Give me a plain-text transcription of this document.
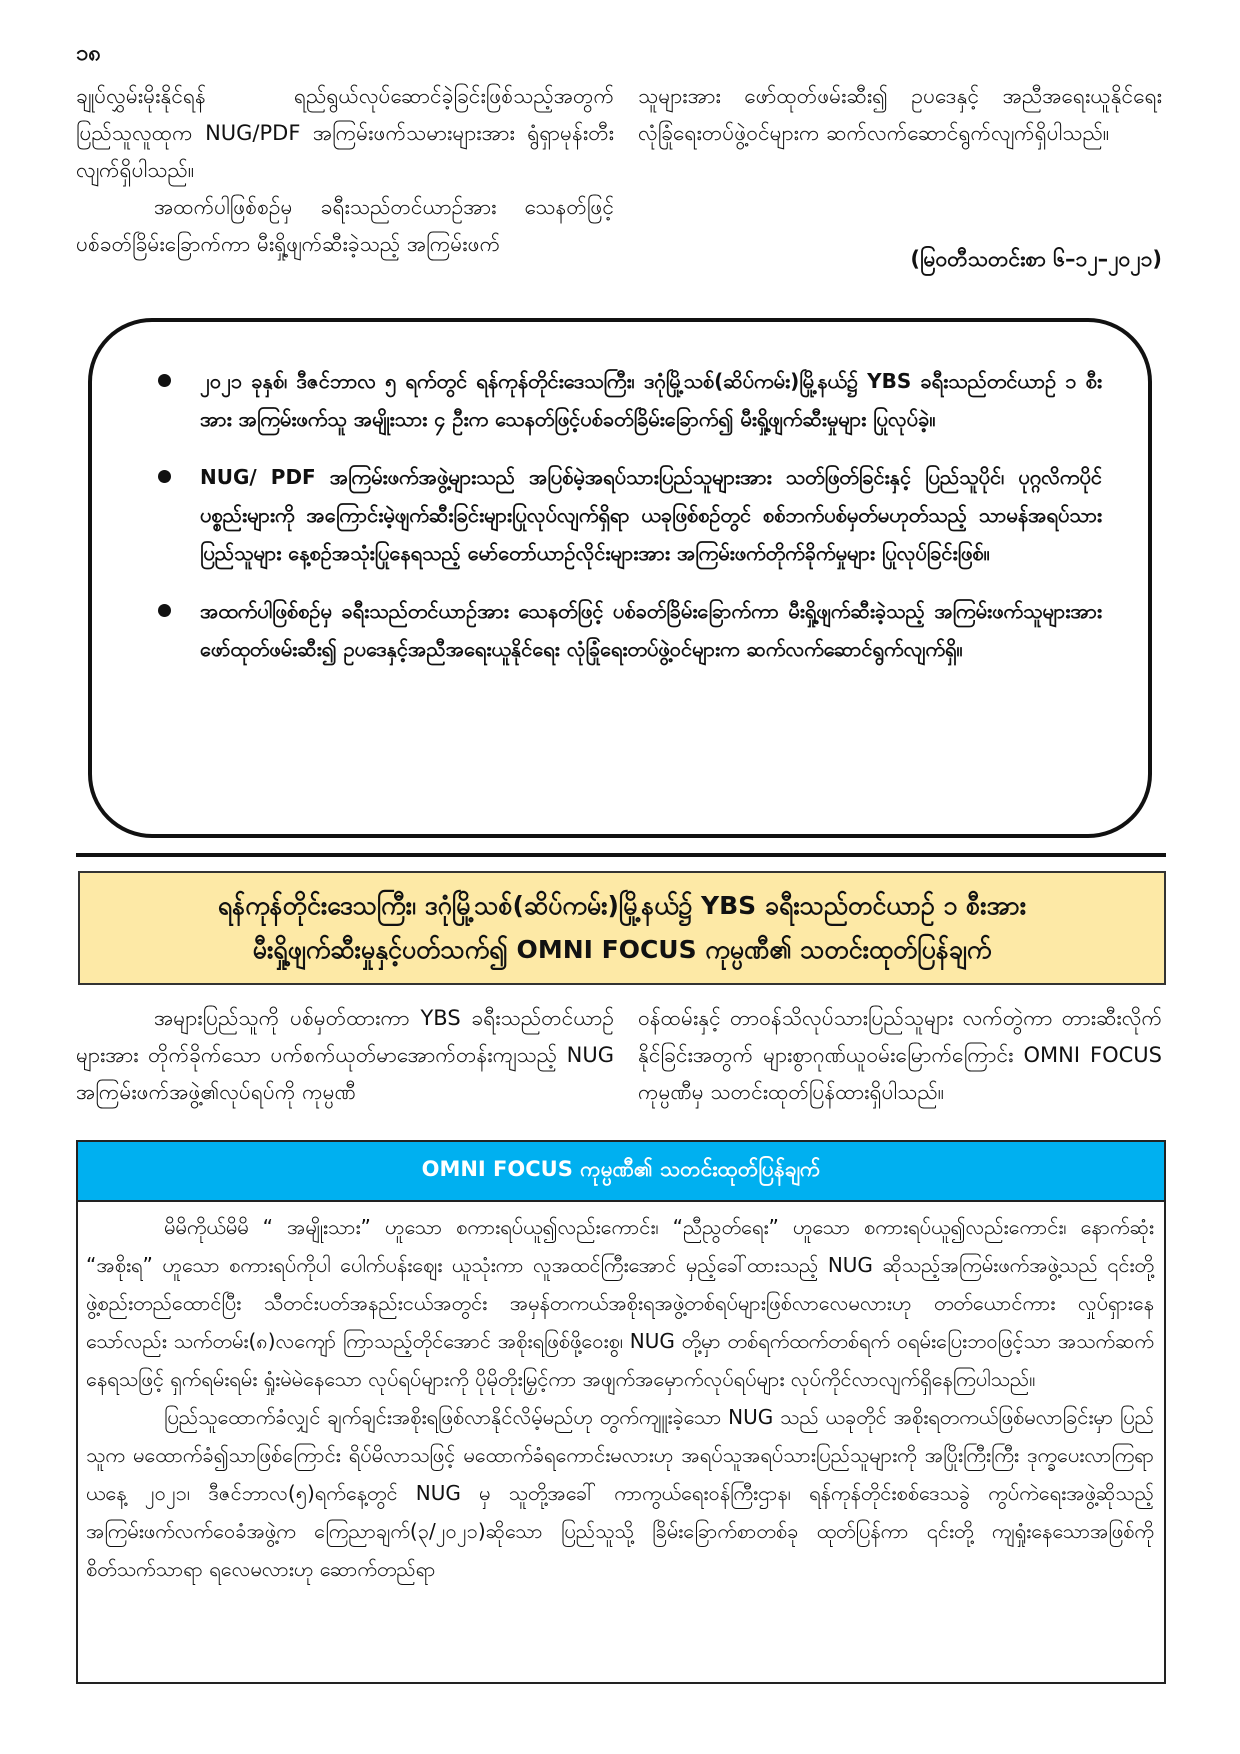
၁၈

ချုပ်လွှမ်းမိုးနိုင်ရန် ရည်ရွယ်လုပ်ဆောင်ခဲ့ခြင်းဖြစ်သည့်အတွက် ပြည်သူလူထုက NUG/PDF အကြမ်းဖက်သမားများအား ရွံရှာမုန်းတီးလျက်ရှိပါသည်။

အထက်ပါဖြစ်စဉ်မှ ခရီးသည်တင်ယာဉ်အား သေနတ်ဖြင့် ပစ်ခတ်ခြိမ်းခြောက်ကာ မီးရှို့ဖျက်ဆီးခဲ့သည့် အကြမ်းဖက်

သူများအား ဖော်ထုတ်ဖမ်းဆီး၍ ဥပဒေနှင့် အညီအရေးယူနိုင်ရေး လုံခြုံရေးတပ်ဖွဲ့ဝင်များက ဆက်လက်ဆောင်ရွက်လျက်ရှိပါသည်။

(မြဝတီသတင်းစာ ၆–၁၂–၂၀၂၁)
၂၀၂၁ ခုနှစ်၊ ဒီဇင်ဘာလ ၅ ရက်တွင် ရန်ကုန်တိုင်းဒေသကြီး၊ ဒဂုံမြို့သစ်(ဆိပ်ကမ်း)မြို့နယ်၌ YBS ခရီးသည်တင်ယာဉ် ၁ စီးအား အကြမ်းဖက်သူ အမျိုးသား ၄ ဦးက သေနတ်ဖြင့်ပစ်ခတ်ခြိမ်းခြောက်၍ မီးရှို့ဖျက်ဆီးမှုများ ပြုလုပ်ခဲ့။
NUG/ PDF အကြမ်းဖက်အဖွဲ့များသည် အပြစ်မဲ့အရပ်သားပြည်သူများအား သတ်ဖြတ်ခြင်းနှင့် ပြည်သူပိုင်၊ ပုဂ္ဂလိကပိုင်ပစ္စည်းများကို အကြောင်းမဲ့ဖျက်ဆီးခြင်းများပြုလုပ်လျက်ရှိရာ ယခုဖြစ်စဉ်တွင် စစ်ဘက်ပစ်မှတ်မဟုတ်သည့် သာမန်အရပ်သားပြည်သူများ နေ့စဉ်အသုံးပြုနေရသည့် မော်တော်ယာဉ်လိုင်းများအား အကြမ်းဖက်တိုက်ခိုက်မှုများ ပြုလုပ်ခြင်းဖြစ်။
အထက်ပါဖြစ်စဉ်မှ ခရီးသည်တင်ယာဉ်အား သေနတ်ဖြင့် ပစ်ခတ်ခြိမ်းခြောက်ကာ မီးရှို့ဖျက်ဆီးခဲ့သည့် အကြမ်းဖက်သူများအား ဖော်ထုတ်ဖမ်းဆီး၍ ဥပဒေနှင့်အညီအရေးယူနိုင်ရေး လုံခြုံရေးတပ်ဖွဲ့ဝင်များက ဆက်လက်ဆောင်ရွက်လျက်ရှိ။
ရန်ကုန်တိုင်းဒေသကြီး၊ ဒဂုံမြို့သစ်(ဆိပ်ကမ်း)မြို့နယ်၌ YBS ခရီးသည်တင်ယာဉ် ၁ စီးအား
မီးရှို့ဖျက်ဆီးမှုနှင့်ပတ်သက်၍ OMNI FOCUS ကုမ္ပဏီ၏ သတင်းထုတ်ပြန်ချက်

အများပြည်သူကို ပစ်မှတ်ထားကာ YBS ခရီးသည်တင်ယာဉ်များအား တိုက်ခိုက်သော ပက်စက်ယုတ်မာအောက်တန်းကျသည့် NUG အကြမ်းဖက်အဖွဲ့၏လုပ်ရပ်ကို ကုမ္ပဏီ

ဝန်ထမ်းနှင့် တာဝန်သိလုပ်သားပြည်သူများ လက်တွဲကာ တားဆီးလိုက်နိုင်ခြင်းအတွက် များစွာဂုဏ်ယူဝမ်းမြောက်ကြောင်း OMNI FOCUS ကုမ္ပဏီမှ သတင်းထုတ်ပြန်ထားရှိပါသည်။

OMNI FOCUS ကုမ္ပဏီ၏ သတင်းထုတ်ပြန်ချက်

မိမိကိုယ်မိမိ “ အမျိုးသား” ဟူသော စကားရပ်ယူ၍လည်းကောင်း၊ “ညီညွတ်ရေး” ဟူသော စကားရပ်ယူ၍လည်းကောင်း၊ နောက်ဆုံး “အစိုးရ” ဟူသော စကားရပ်ကိုပါ ပေါက်ပန်းဈေး ယူသုံးကာ လူအထင်ကြီးအောင် မှည့်ခေါ်ထားသည့် NUG ဆိုသည့်အကြမ်းဖက်အဖွဲ့သည် ၎င်းတို့ဖွဲ့စည်းတည်ထောင်ပြီး သီတင်းပတ်အနည်းငယ်အတွင်း အမှန်တကယ်အစိုးရအဖွဲ့တစ်ရပ်များဖြစ်လာလေမလားဟု တတ်ယောင်ကား လှုပ်ရှားနေသော်လည်း သက်တမ်း(၈)လကျော် ကြာသည့်တိုင်အောင် အစိုးရဖြစ်ဖို့ဝေးစွ၊ NUG တို့မှာ တစ်ရက်ထက်တစ်ရက် ဝရမ်းပြေးဘဝဖြင့်သာ အသက်ဆက်နေရသဖြင့် ရှက်ရမ်းရမ်း ရှုံးမဲမဲနေသော လုပ်ရပ်များကို ပိုမိုတိုးမြှင့်ကာ အဖျက်အမှောက်လုပ်ရပ်များ လုပ်ကိုင်လာလျက်ရှိနေကြပါသည်။

ပြည်သူထောက်ခံလျှင် ချက်ချင်းအစိုးရဖြစ်လာနိုင်လိမ့်မည်ဟု တွက်ကျူးခဲ့သော NUG သည် ယခုတိုင် အစိုးရတကယ်ဖြစ်မလာခြင်းမှာ ပြည်သူက မထောက်ခံ၍သာဖြစ်ကြောင်း ရိပ်မိလာသဖြင့် မထောက်ခံရကောင်းမလားဟု အရပ်သူအရပ်သားပြည်သူများကို အပြိုးကြီးကြီး ဒုက္ခပေးလာကြရာ ယနေ့ ၂၀၂၁၊ ဒီဇင်ဘာလ(၅)ရက်နေ့တွင် NUG မှ သူတို့အခေါ် ကာကွယ်ရေးဝန်ကြီးဌာန၊ ရန်ကုန်တိုင်းစစ်ဒေသခွဲ ကွပ်ကဲရေးအဖွဲ့ဆိုသည့် အကြမ်းဖက်လက်ဝေခံအဖွဲ့က ကြေညာချက်(၃/၂၀၂၁)ဆိုသော ပြည်သူသို့ ခြိမ်းခြောက်စာတစ်ခု ထုတ်ပြန်ကာ ၎င်းတို့ ကျရှုံးနေသောအဖြစ်ကို စိတ်သက်သာရာ ရလေမလားဟု ဆောက်တည်ရာ
